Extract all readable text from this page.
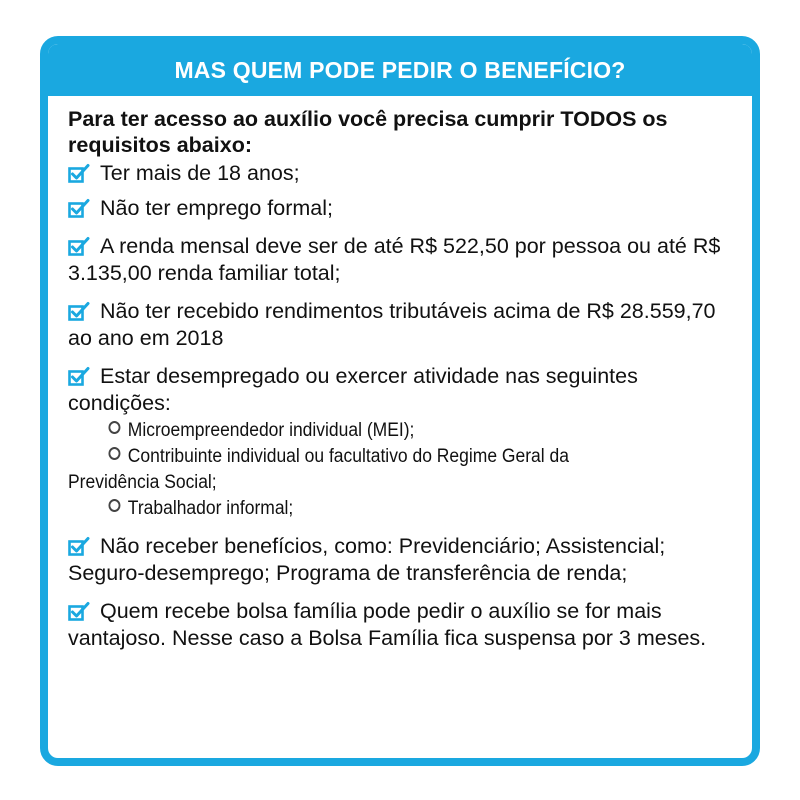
MAS QUEM PODE PEDIR O BENEFÍCIO?
Para ter acesso ao auxílio você precisa cumprir TODOS os requisitos abaixo:
Ter mais de 18 anos;
Não ter emprego formal;
A renda mensal deve ser de até R$ 522,50 por pessoa ou até R$ 3.135,00 renda familiar total;
Não ter recebido rendimentos tributáveis acima de R$ 28.559,70 ao ano em 2018
Estar desempregado ou exercer atividade nas seguintes condições:
Microempreendedor individual (MEI);
Contribuinte individual ou facultativo do Regime Geral da
Previdência Social;
Trabalhador informal;
Não receber benefícios, como: Previdenciário; Assistencial; Seguro-desemprego; Programa de transferência de renda;
Quem recebe bolsa família pode pedir o auxílio se for mais vantajoso. Nesse caso a Bolsa Família fica suspensa por 3 meses.
